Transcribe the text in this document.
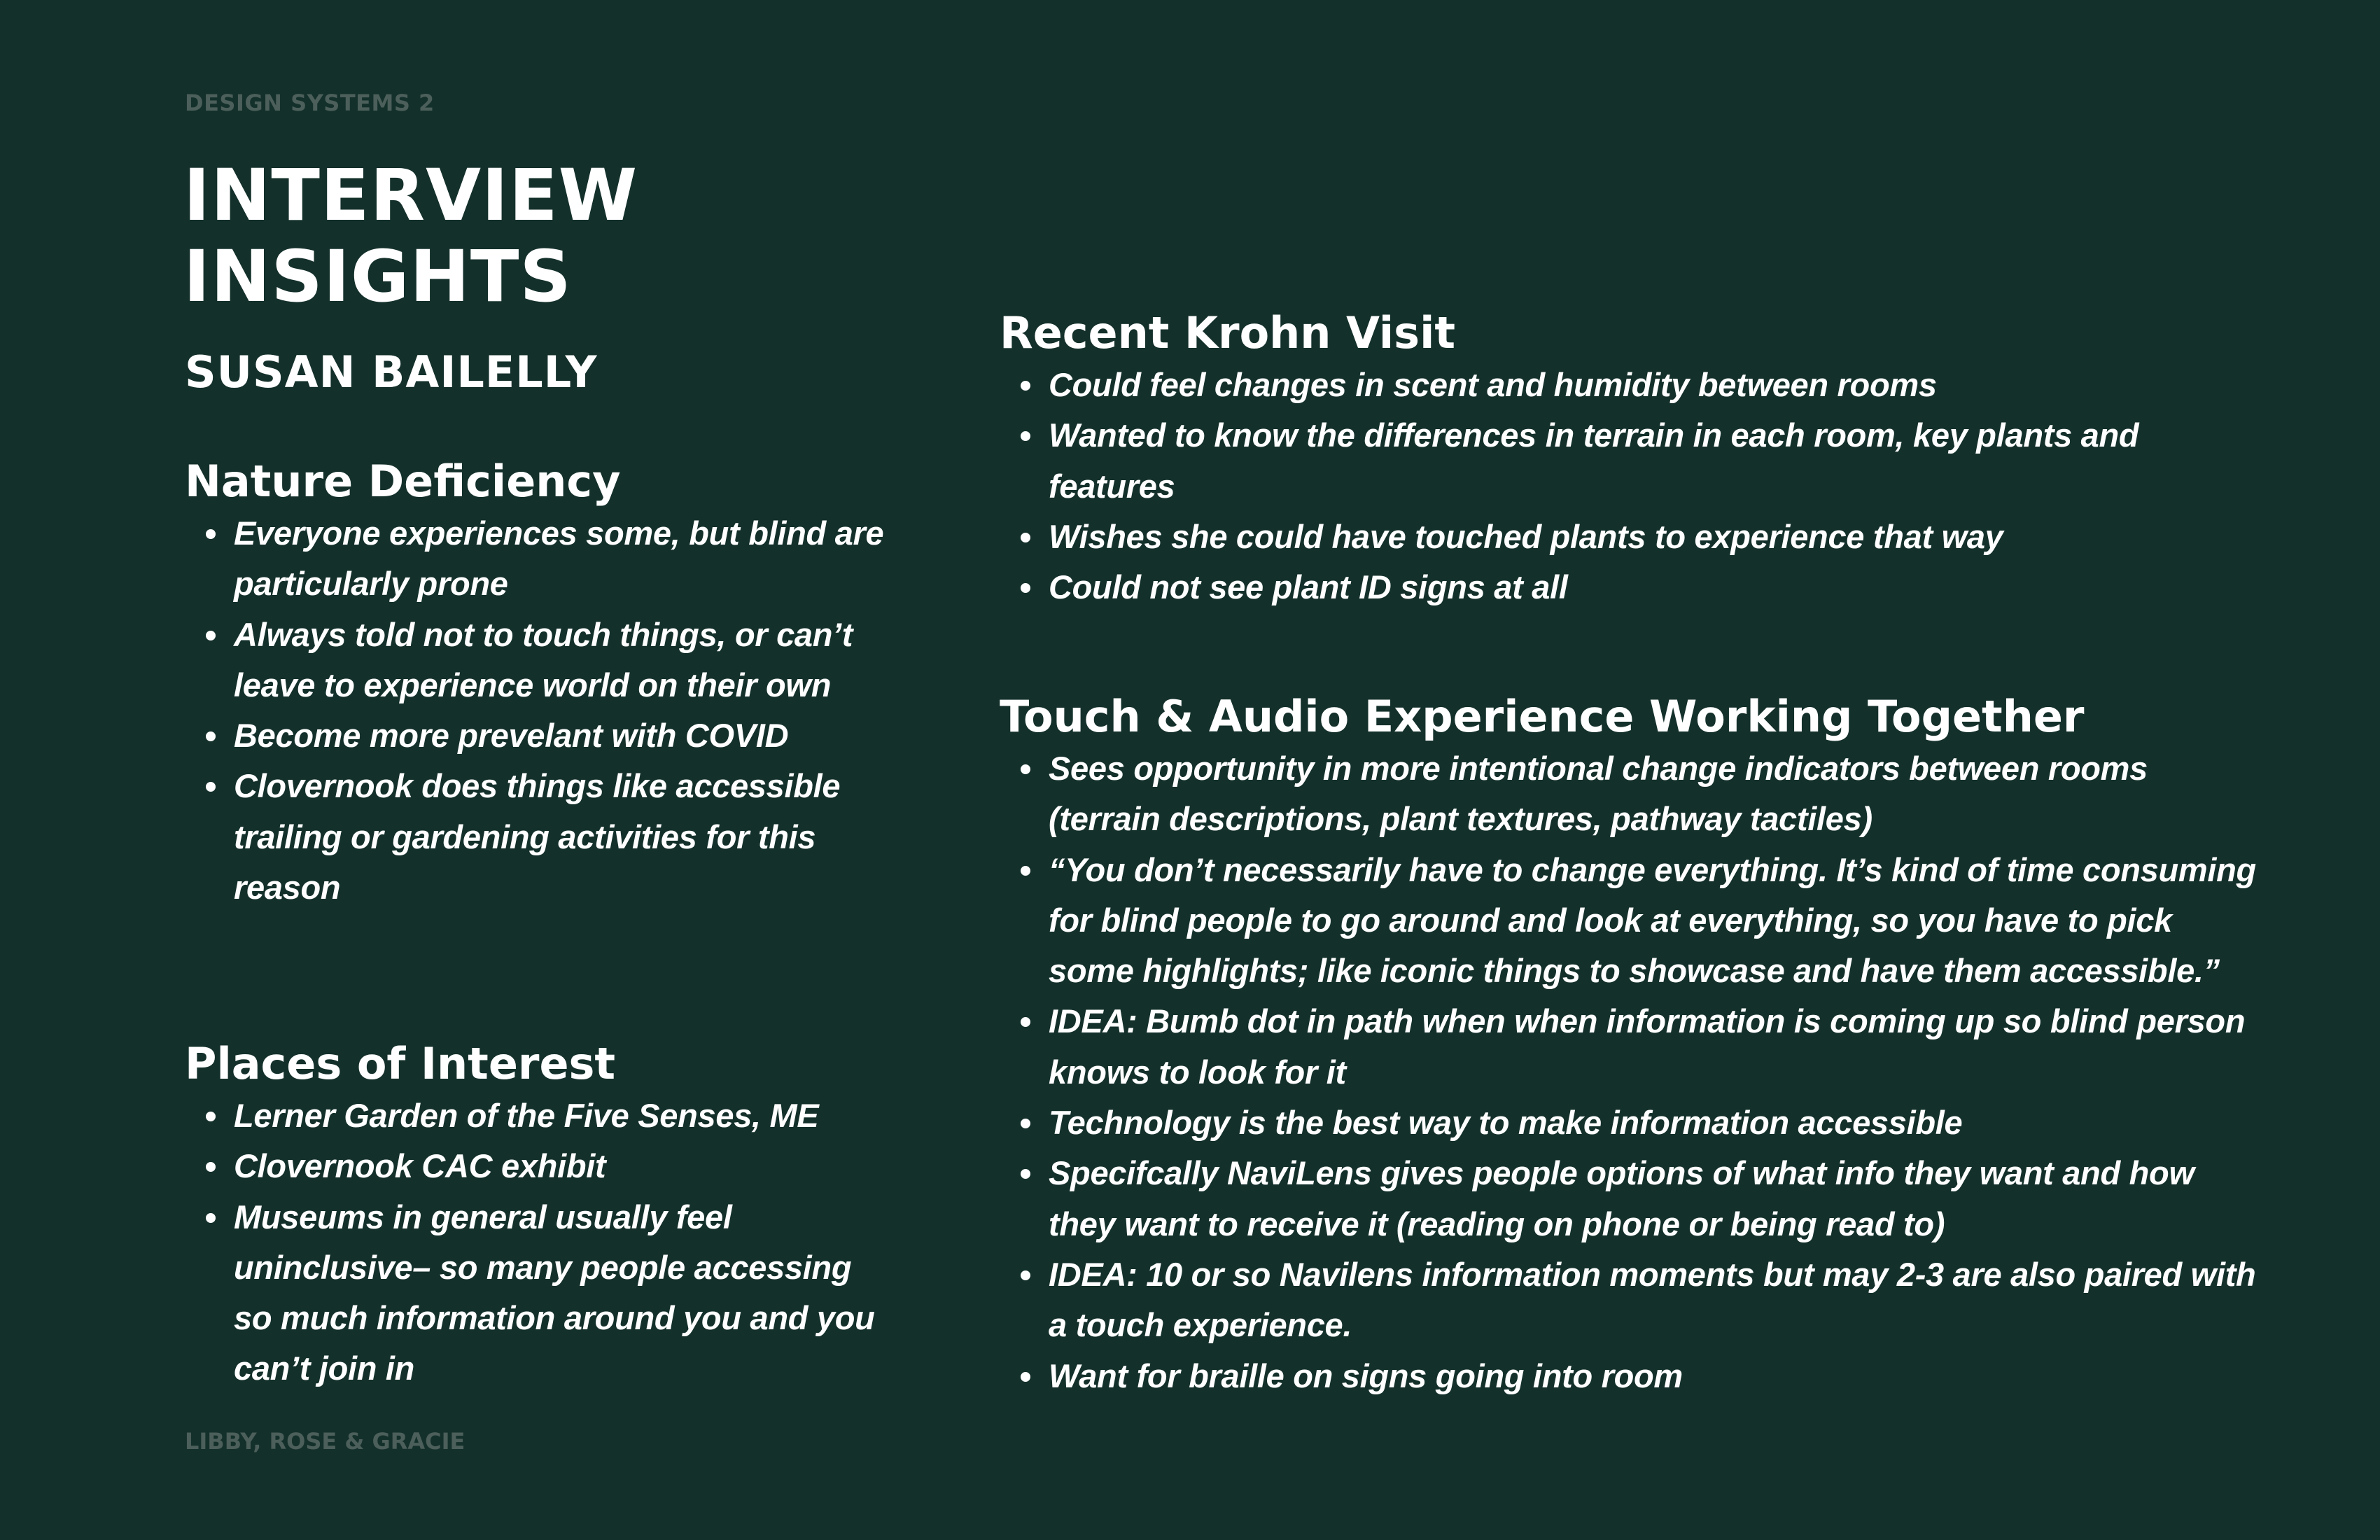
DESIGN SYSTEMS 2

INTERVIEW
INSIGHTS
SUSAN BAILELLY
Nature Deficiency
Everyone experiences some, but blind are particularly prone
Always told not to touch things, or can’t leave to experience world on their own
Become more prevelant with COVID
Clovernook does things like accessible trailing or gardening activities for this reason
Places of Interest
Lerner Garden of the Five Senses, ME
Clovernook CAC exhibit
Museums in general usually feel uninclusive– so many people accessing so much information around you and you can’t join in
Recent Krohn Visit
Could feel changes in scent and humidity between rooms
Wanted to know the differences in terrain in each room, key plants and features
Wishes she could have touched plants to experience that way
Could not see plant ID signs at all
Touch & Audio Experience Working Together
Sees opportunity in more intentional change indicators between rooms (terrain descriptions, plant textures, pathway tactiles)
“You don’t necessarily have to change everything. It’s kind of time consuming for blind people to go around and look at everything, so you have to pick some highlights; like iconic things to showcase and have them accessible.”
IDEA: Bumb dot in path when when information is coming up so blind person knows to look for it
Technology is the best way to make information accessible
Specifcally NaviLens gives people options of what info they want and how they want to receive it (reading on phone or being read to)
IDEA: 10 or so Navilens information moments but may 2-3 are also paired with a touch experience.
Want for braille on signs going into room

LIBBY, ROSE & GRACIE
